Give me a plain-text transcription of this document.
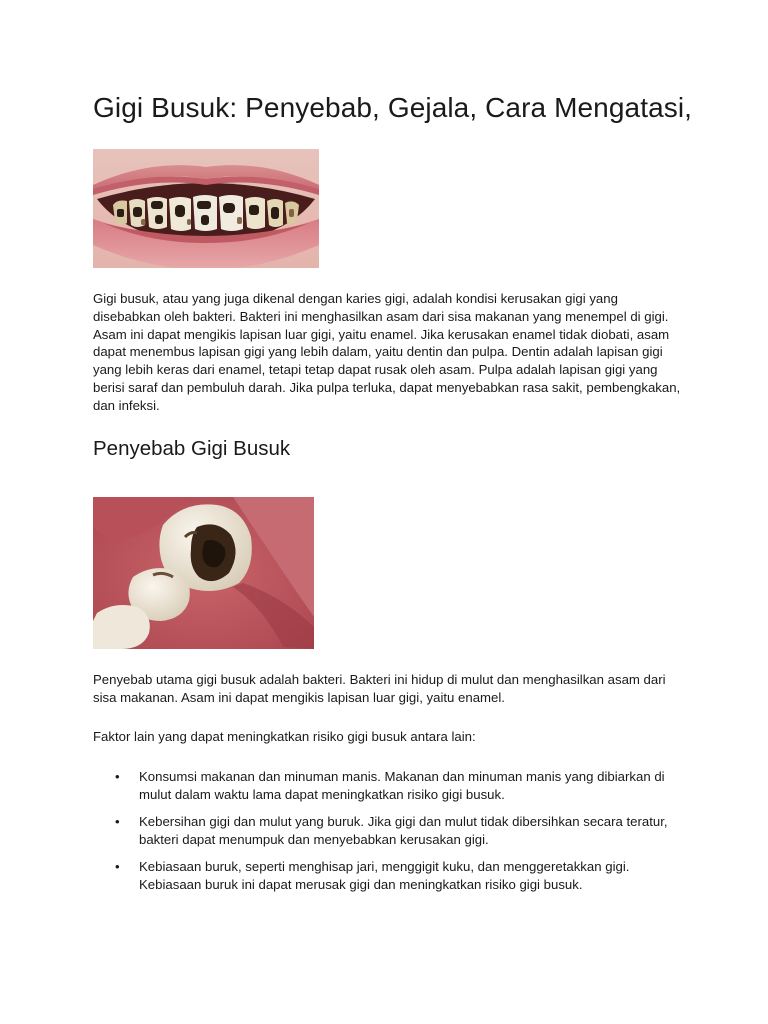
Gigi Busuk: Penyebab, Gejala, Cara Mengatasi,

Gigi busuk, atau yang juga dikenal dengan karies gigi, adalah kondisi kerusakan gigi yang disebabkan oleh bakteri. Bakteri ini menghasilkan asam dari sisa makanan yang menempel di gigi. Asam ini dapat mengikis lapisan luar gigi, yaitu enamel. Jika kerusakan enamel tidak diobati, asam dapat menembus lapisan gigi yang lebih dalam, yaitu dentin dan pulpa. Dentin adalah lapisan gigi yang lebih keras dari enamel, tetapi tetap dapat rusak oleh asam. Pulpa adalah lapisan gigi yang berisi saraf dan pembuluh darah. Jika pulpa terluka, dapat menyebabkan rasa sakit, pembengkakan, dan infeksi.

Penyebab Gigi Busuk

Penyebab utama gigi busuk adalah bakteri. Bakteri ini hidup di mulut dan menghasilkan asam dari sisa makanan. Asam ini dapat mengikis lapisan luar gigi, yaitu enamel.

Faktor lain yang dapat meningkatkan risiko gigi busuk antara lain:

• Konsumsi makanan dan minuman manis. Makanan dan minuman manis yang dibiarkan di mulut dalam waktu lama dapat meningkatkan risiko gigi busuk.
• Kebersihan gigi dan mulut yang buruk. Jika gigi dan mulut tidak dibersihkan secara teratur, bakteri dapat menumpuk dan menyebabkan kerusakan gigi.
• Kebiasaan buruk, seperti menghisap jari, menggigit kuku, dan menggeretakkan gigi. Kebiasaan buruk ini dapat merusak gigi dan meningkatkan risiko gigi busuk.
